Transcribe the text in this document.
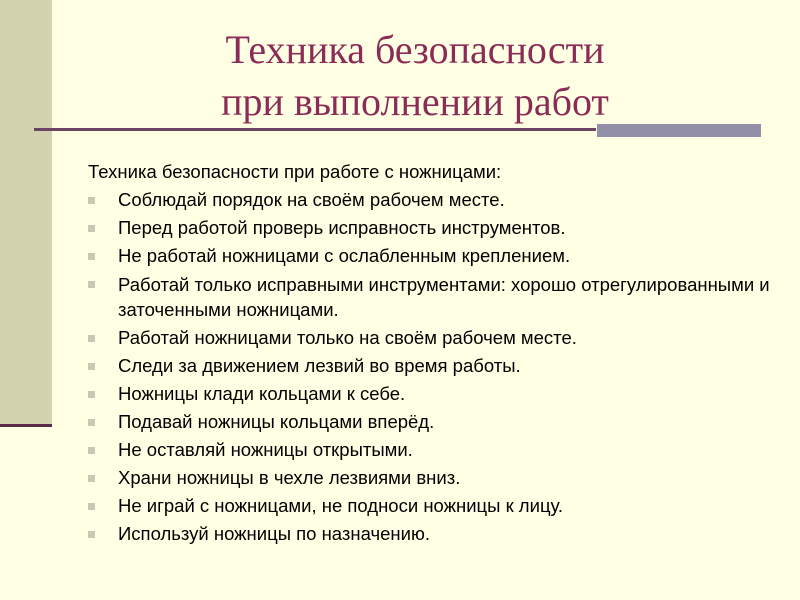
Техника безопасности
при выполнении работ
Техника безопасности при работе с ножницами:
Соблюдай порядок на своём рабочем месте.
Перед работой проверь исправность инструментов.
Не работай ножницами с ослабленным креплением.
Работай только исправными инструментами: хорошо отрегулированными и заточенными ножницами.
Работай ножницами только на своём рабочем месте.
Следи за движением лезвий во время работы.
Ножницы клади кольцами к себе.
Подавай ножницы кольцами вперёд.
Не оставляй ножницы открытыми.
Храни ножницы в чехле лезвиями вниз.
Не играй с ножницами, не подноси ножницы к лицу.
Используй ножницы по назначению.
